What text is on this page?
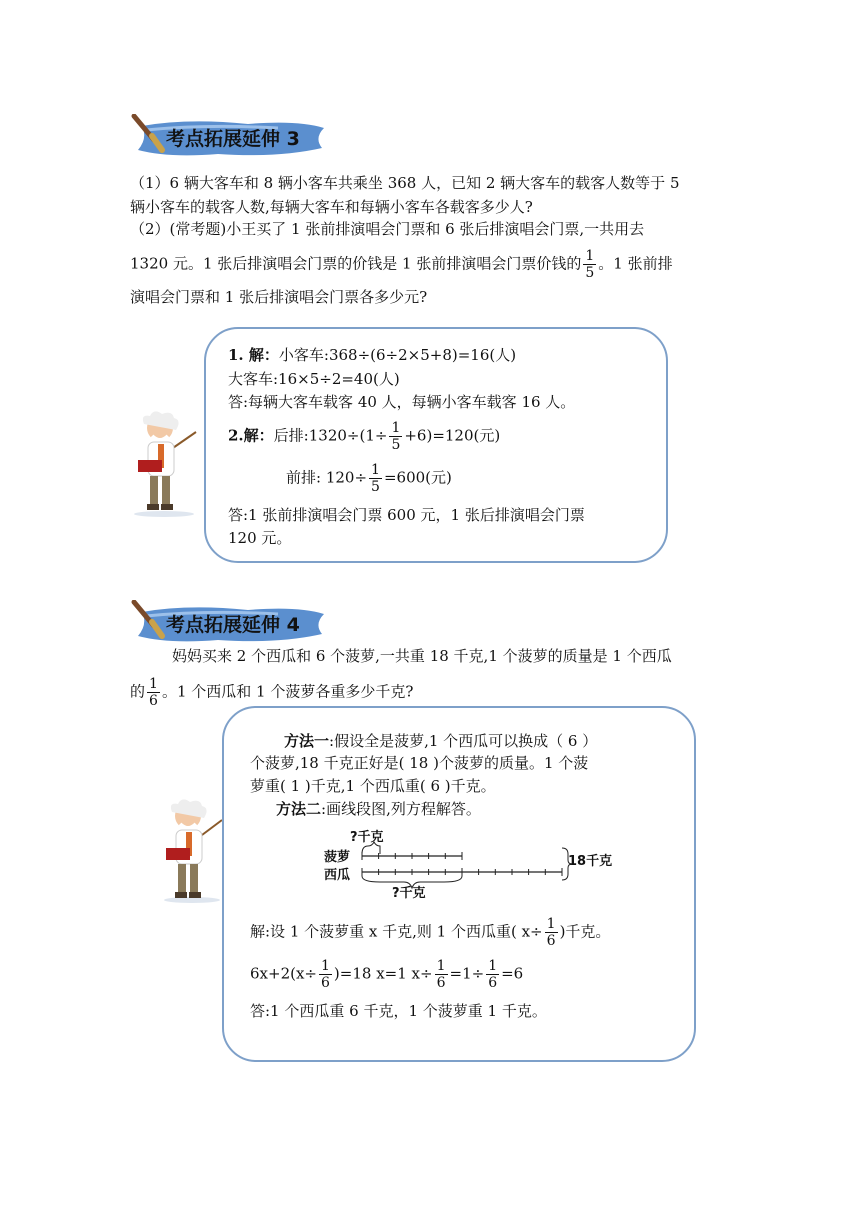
考点拓展延伸 3
（1）6 辆大客车和 8 辆小客车共乘坐 368 人，已知 2 辆大客车的载客人数等于 5
辆小客车的载客人数,每辆大客车和每辆小客车各载客多少人?
（2）(常考题)小王买了 1 张前排演唱会门票和 6 张后排演唱会门票,一共用去
1320 元。1 张后排演唱会门票的价钱是 1 张前排演唱会门票价钱的 $\frac{1}{5}$ 。1 张前排
演唱会门票和 1 张后排演唱会门票各多少元?
1. 解：小客车:368÷(6÷2×5+8)=16(人)
大客车:16×5÷2=40(人)
答:每辆大客车载客 40 人，每辆小客车载客 16 人。
2.解：后排:1320÷(1÷ $\frac{1}{5} +6)=120$(元)
前排: $120\div \frac{1}{5} =600$(元)
答:1 张前排演唱会门票 600 元，1 张后排演唱会门票
120 元。
考点拓展延伸 4
妈妈买来 2 个西瓜和 6 个菠萝,一共重 18 千克,1 个菠萝的质量是 1 个西瓜
的 $\frac{1}{6}$ 。1 个西瓜和 1 个菠萝各重多少千克?
方法一:假设全是菠萝,1 个西瓜可以换成（ 6 ）
个菠萝,18 千克正好是( 18 )个菠萝的质量。1 个菠
萝重( 1 )千克,1 个西瓜重( 6 )千克。
方法二:画线段图,列方程解答。
?千克
菠萝
西瓜
18千克
?千克
解:设 1 个菠萝重 x 千克,则 1 个西瓜重( $x\div \frac{1}{6}$ )千克。
$6x+2(x\div \frac{1}{6} )=18$ x=1 $x\div \frac{1}{6} =1\div \frac{1}{6} =6$
答:1 个西瓜重 6 千克，1 个菠萝重 1 千克。
